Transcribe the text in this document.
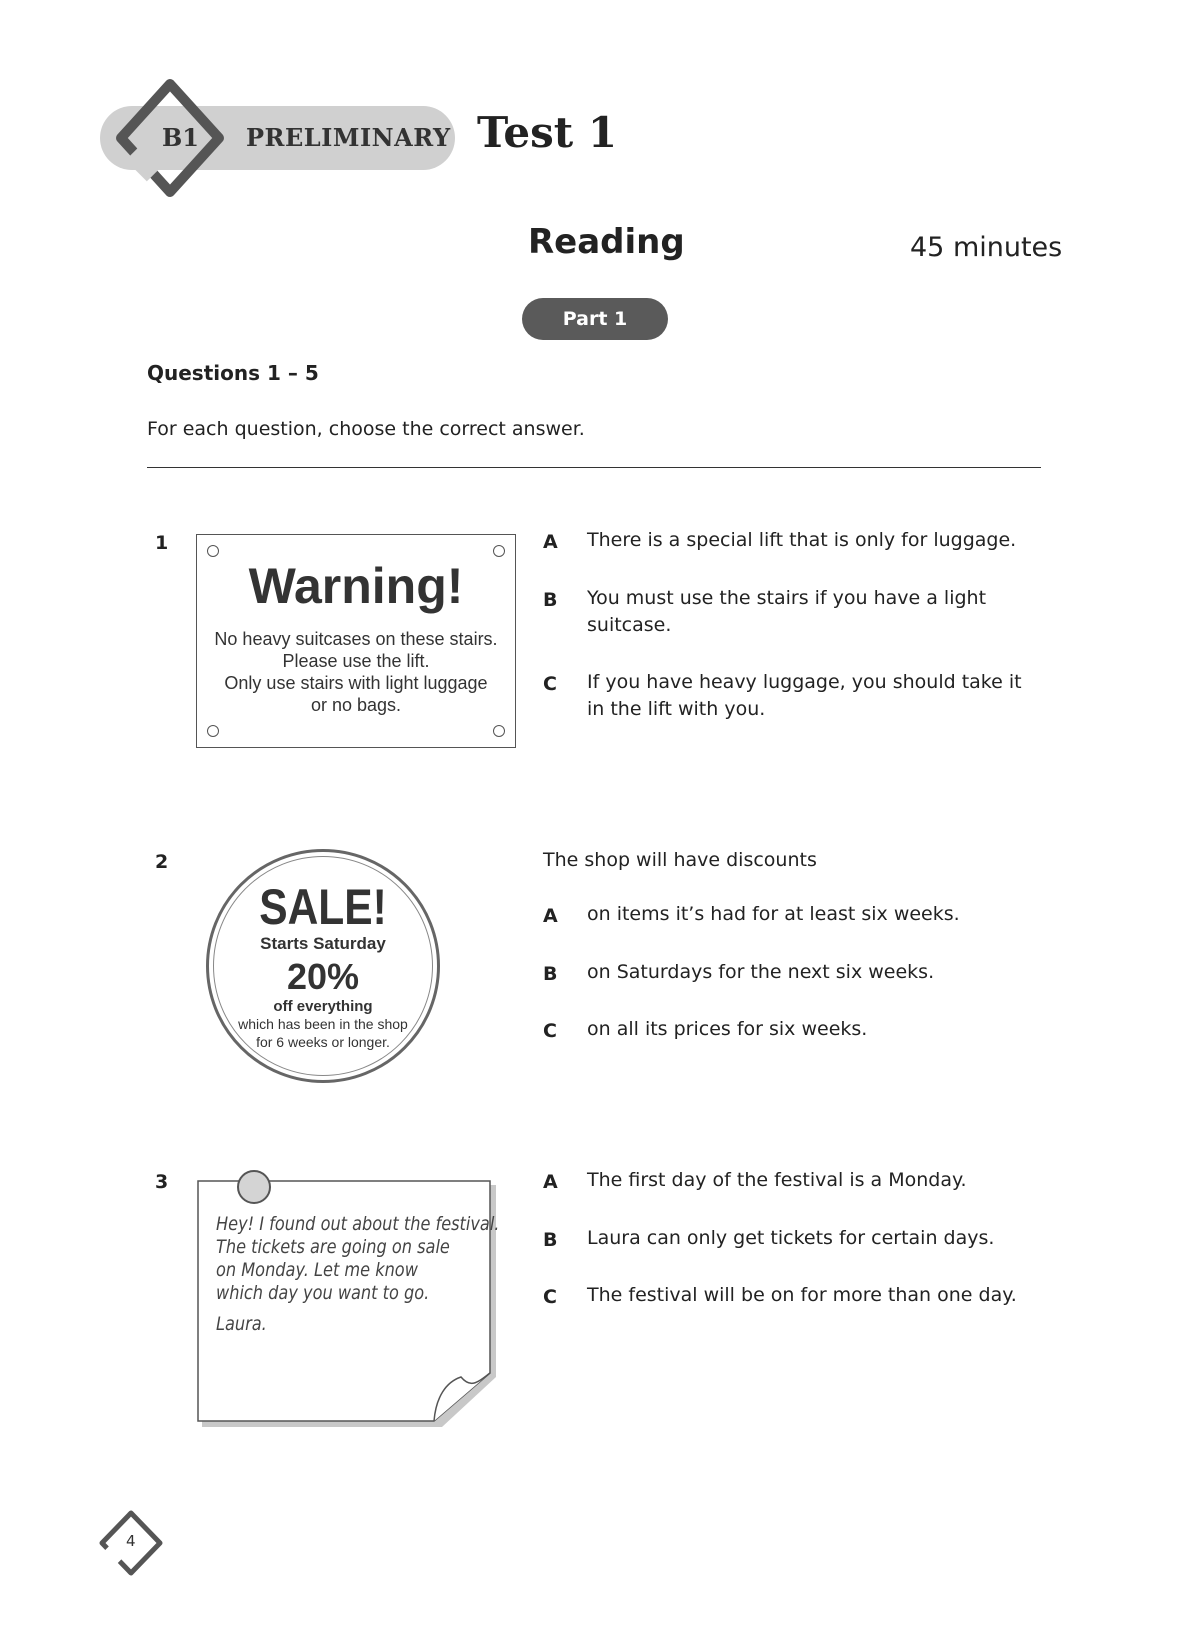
B1 PRELIMINARY Test 1
Reading	45 minutes
Part 1
Questions 1 – 5
For each question, choose the correct answer.
1
Warning!
No heavy suitcases on these stairs.
Please use the lift.
Only use stairs with light luggage
or no bags.
A There is a special lift that is only for luggage.
B You must use the stairs if you have a light suitcase.
C If you have heavy luggage, you should take it in the lift with you.
2
SALE!
Starts Saturday
20%
off everything
which has been in the shop
for 6 weeks or longer.
The shop will have discounts
A on items it’s had for at least six weeks.
B on Saturdays for the next six weeks.
C on all its prices for six weeks.
3
Hey! I found out about the festival.
The tickets are going on sale
on Monday. Let me know
which day you want to go.
Laura.
A The first day of the festival is a Monday.
B Laura can only get tickets for certain days.
C The festival will be on for more than one day.
4
